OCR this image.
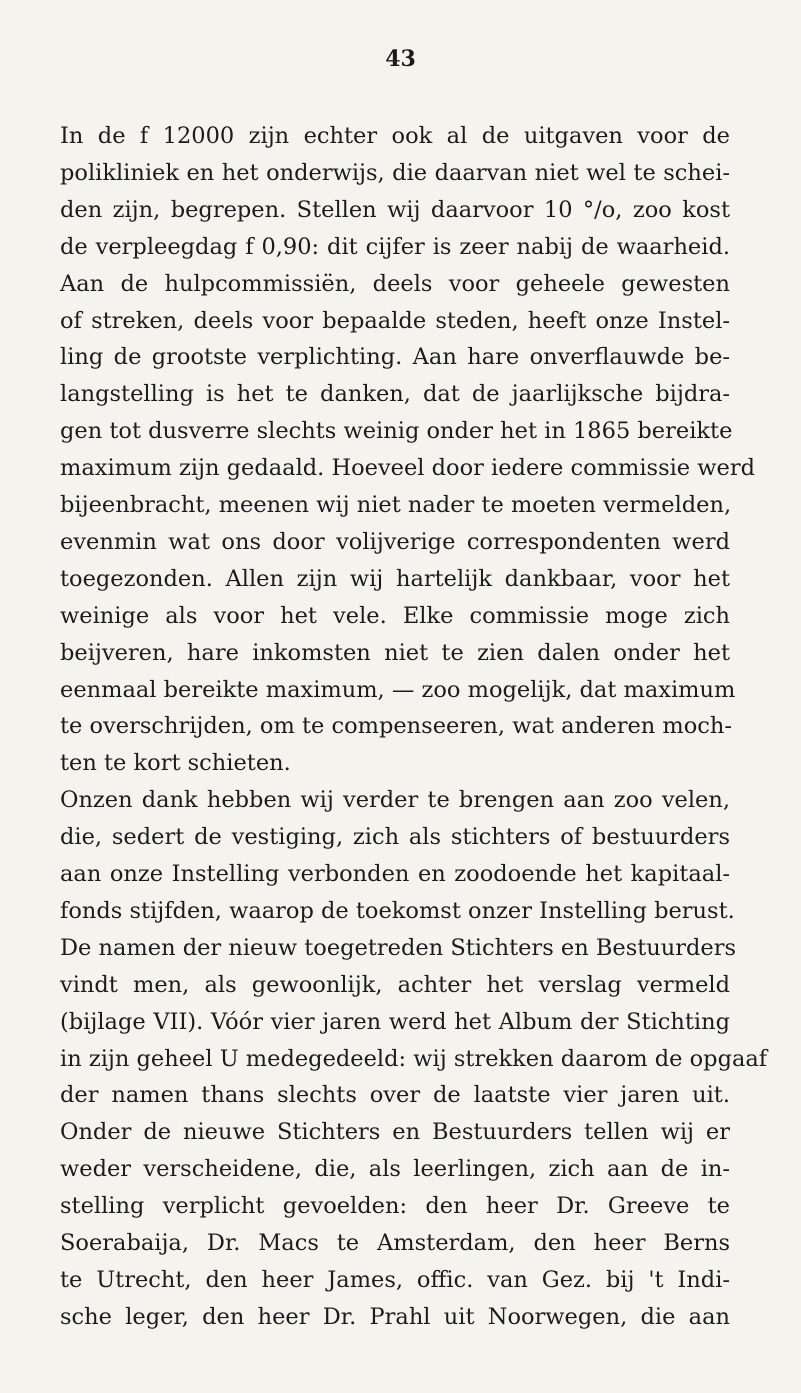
43
In de f 12000 zijn echter ook al de uitgaven voor de
polikliniek en het onderwijs, die daarvan niet wel te schei-
den zijn, begrepen. Stellen wij daarvoor 10 °/o, zoo kost
de verpleegdag f 0,90: dit cijfer is zeer nabij de waarheid.
Aan de hulpcommissiën, deels voor geheele gewesten
of streken, deels voor bepaalde steden, heeft onze Instel-
ling de grootste verplichting. Aan hare onverflauwde be-
langstelling is het te danken, dat de jaarlijksche bijdra-
gen tot dusverre slechts weinig onder het in 1865 bereikte
maximum zijn gedaald. Hoeveel door iedere commissie werd
bijeenbracht, meenen wij niet nader te moeten vermelden,
evenmin wat ons door volijverige correspondenten werd
toegezonden. Allen zijn wij hartelijk dankbaar, voor het
weinige als voor het vele. Elke commissie moge zich
beijveren, hare inkomsten niet te zien dalen onder het
eenmaal bereikte maximum, — zoo mogelijk, dat maximum
te overschrijden, om te compenseeren, wat anderen moch-
ten te kort schieten.
Onzen dank hebben wij verder te brengen aan zoo velen,
die, sedert de vestiging, zich als stichters of bestuurders
aan onze Instelling verbonden en zoodoende het kapitaal-
fonds stijfden, waarop de toekomst onzer Instelling berust.
De namen der nieuw toegetreden Stichters en Bestuurders
vindt men, als gewoonlijk, achter het verslag vermeld
(bijlage VII). Vóór vier jaren werd het Album der Stichting
in zijn geheel U medegedeeld: wij strekken daarom de opgaaf
der namen thans slechts over de laatste vier jaren uit.
Onder de nieuwe Stichters en Bestuurders tellen wij er
weder verscheidene, die, als leerlingen, zich aan de in-
stelling verplicht gevoelden: den heer Dr. Greeve te
Soerabaija, Dr. Macs te Amsterdam, den heer Berns
te Utrecht, den heer James, offic. van Gez. bij 't Indi-
sche leger, den heer Dr. Prahl uit Noorwegen, die aan
